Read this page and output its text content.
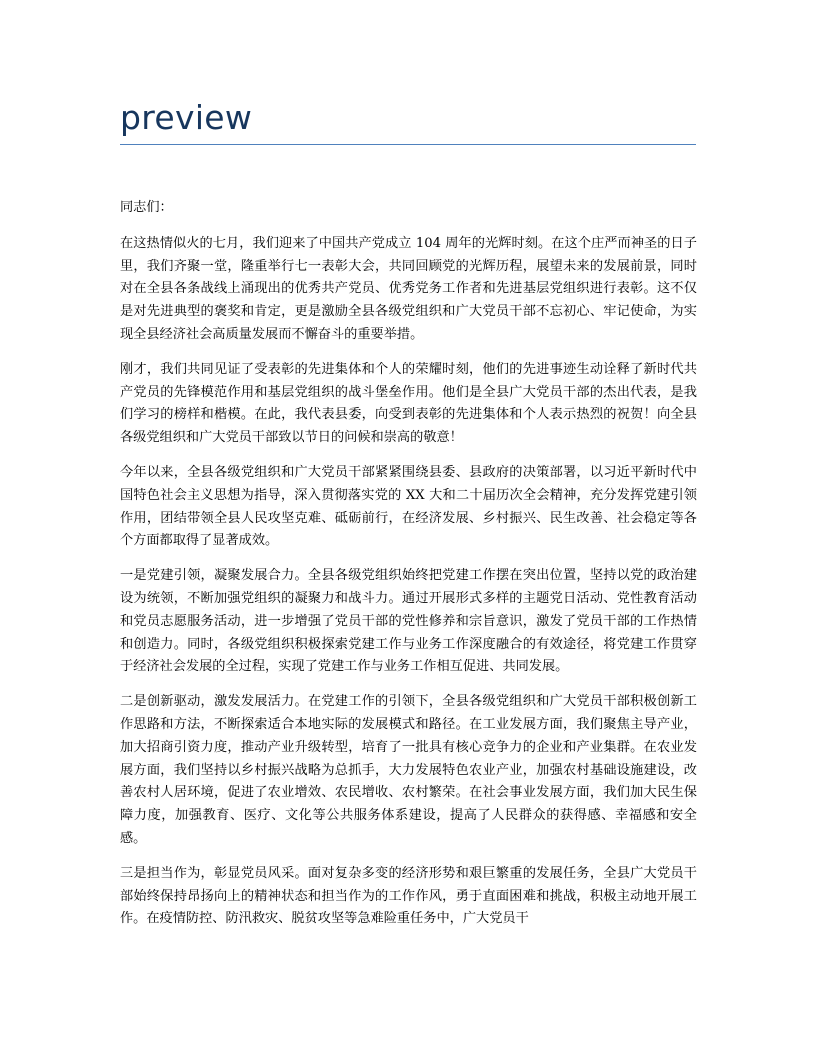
preview

同志们：

在这热情似火的七月，我们迎来了中国共产党成立 104 周年的光辉时刻。在这个庄严而神圣的日子里，我们齐聚一堂，隆重举行七一表彰大会，共同回顾党的光辉历程，展望未来的发展前景，同时对在全县各条战线上涌现出的优秀共产党员、优秀党务工作者和先进基层党组织进行表彰。这不仅是对先进典型的褒奖和肯定，更是激励全县各级党组织和广大党员干部不忘初心、牢记使命，为实现全县经济社会高质量发展而不懈奋斗的重要举措。

刚才，我们共同见证了受表彰的先进集体和个人的荣耀时刻，他们的先进事迹生动诠释了新时代共产党员的先锋模范作用和基层党组织的战斗堡垒作用。他们是全县广大党员干部的杰出代表，是我们学习的榜样和楷模。在此，我代表县委，向受到表彰的先进集体和个人表示热烈的祝贺！向全县各级党组织和广大党员干部致以节日的问候和崇高的敬意！

今年以来，全县各级党组织和广大党员干部紧紧围绕县委、县政府的决策部署，以习近平新时代中国特色社会主义思想为指导，深入贯彻落实党的 XX 大和二十届历次全会精神，充分发挥党建引领作用，团结带领全县人民攻坚克难、砥砺前行，在经济发展、乡村振兴、民生改善、社会稳定等各个方面都取得了显著成效。

一是党建引领，凝聚发展合力。全县各级党组织始终把党建工作摆在突出位置，坚持以党的政治建设为统领，不断加强党组织的凝聚力和战斗力。通过开展形式多样的主题党日活动、党性教育活动和党员志愿服务活动，进一步增强了党员干部的党性修养和宗旨意识，激发了党员干部的工作热情和创造力。同时，各级党组织积极探索党建工作与业务工作深度融合的有效途径，将党建工作贯穿于经济社会发展的全过程，实现了党建工作与业务工作相互促进、共同发展。

二是创新驱动，激发发展活力。在党建工作的引领下，全县各级党组织和广大党员干部积极创新工作思路和方法，不断探索适合本地实际的发展模式和路径。在工业发展方面，我们聚焦主导产业，加大招商引资力度，推动产业升级转型，培育了一批具有核心竞争力的企业和产业集群。在农业发展方面，我们坚持以乡村振兴战略为总抓手，大力发展特色农业产业，加强农村基础设施建设，改善农村人居环境，促进了农业增效、农民增收、农村繁荣。在社会事业发展方面，我们加大民生保障力度，加强教育、医疗、文化等公共服务体系建设，提高了人民群众的获得感、幸福感和安全感。

三是担当作为，彰显党员风采。面对复杂多变的经济形势和艰巨繁重的发展任务，全县广大党员干部始终保持昂扬向上的精神状态和担当作为的工作作风，勇于直面困难和挑战，积极主动地开展工作。在疫情防控、防汛救灾、脱贫攻坚等急难险重任务中，广大党员干
